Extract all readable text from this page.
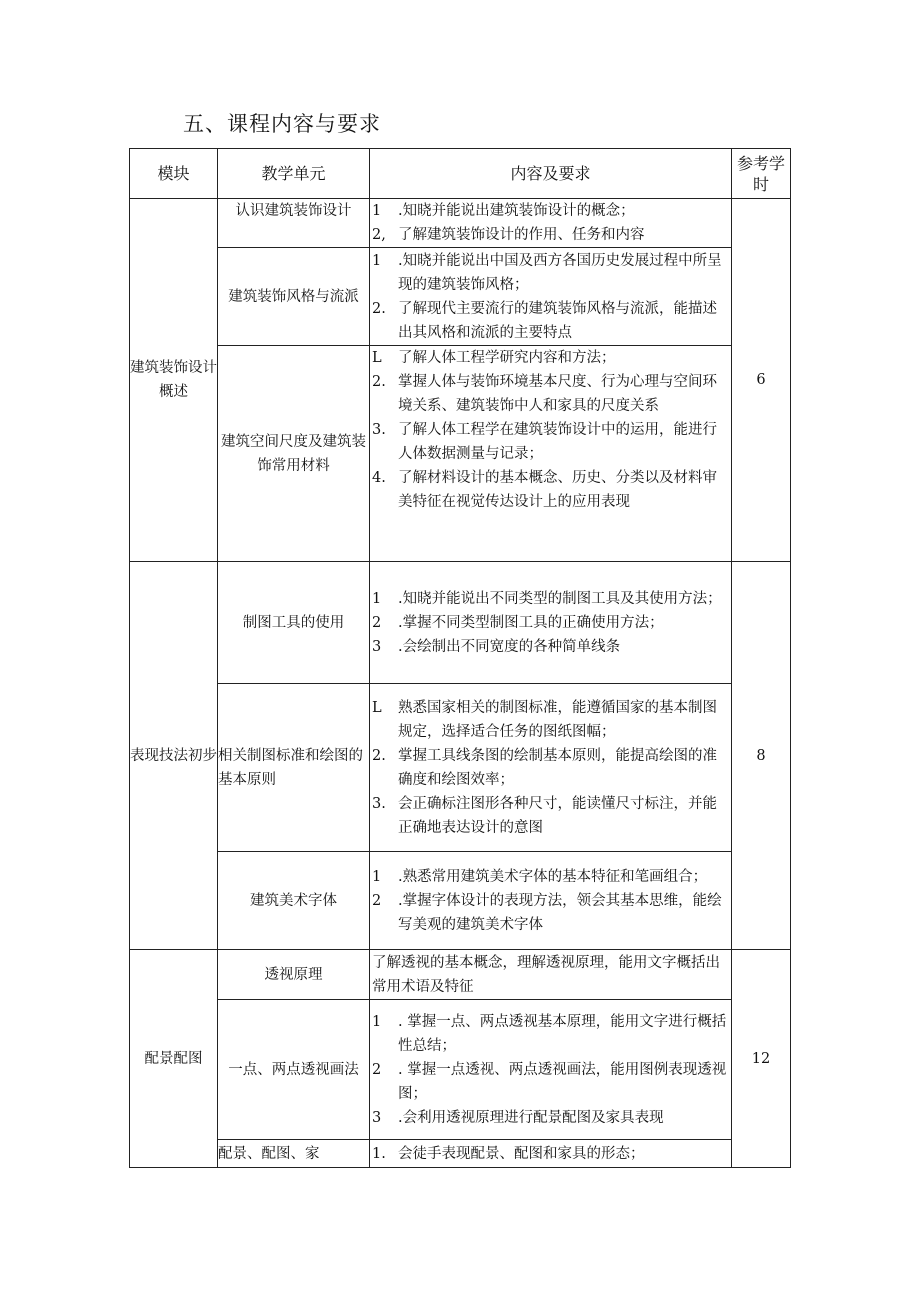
五、课程内容与要求
模块	教学单元	内容及要求	参考学时
建筑装饰设计概述	认识建筑装饰设计	1 .知晓并能说出建筑装饰设计的概念；
2, 了解建筑装饰设计的作用、任务和内容	6
	建筑装饰风格与流派	1 .知晓并能说出中国及西方各国历史发展过程中所呈现的建筑装饰风格；
2. 了解现代主要流行的建筑装饰风格与流派，能描述出其风格和流派的主要特点	

	建筑空间尺度及建筑装饰常用材料	L 了解人体工程学研究内容和方法；
2. 掌握人体与装饰环境基本尺度、行为心理与空间环境关系、建筑装饰中人和家具的尺度关系
3. 了解人体工程学在建筑装饰设计中的运用，能进行人体数据测量与记录；
4. 了解材料设计的基本概念、历史、分类以及材料审美特征在视觉传达设计上的应用表现	

表现技法初步	制图工具的使用	1 .知晓并能说出不同类型的制图工具及其使用方法；
2 .掌握不同类型制图工具的正确使用方法；
3 .会绘制出不同宽度的各种简单线条	8
	相关制图标准和绘图的基本原则	L 熟悉国家相关的制图标准，能遵循国家的基本制图规定，选择适合任务的图纸图幅；
2. 掌握工具线条图的绘制基本原则，能提高绘图的准确度和绘图效率；
3. 会正确标注图形各种尺寸，能读懂尺寸标注，并能正确地表达设计的意图	

	建筑美术字体	1 .熟悉常用建筑美术字体的基本特征和笔画组合；
2 .掌握字体设计的表现方法，领会其基本思维，能绘写美观的建筑美术字体	

配景配图	透视原理	了解透视的基本概念，理解透视原理，能用文字概括出常用术语及特征	12
	一点、两点透视画法	1 . 掌握一点、两点透视基本原理，能用文字进行概括性总结；
2 . 掌握一点透视、两点透视画法，能用图例表现透视图；
3 .会利用透视原理进行配景配图及家具表现	

	配景、配图、家	1. 会徒手表现配景、配图和家具的形态；	
